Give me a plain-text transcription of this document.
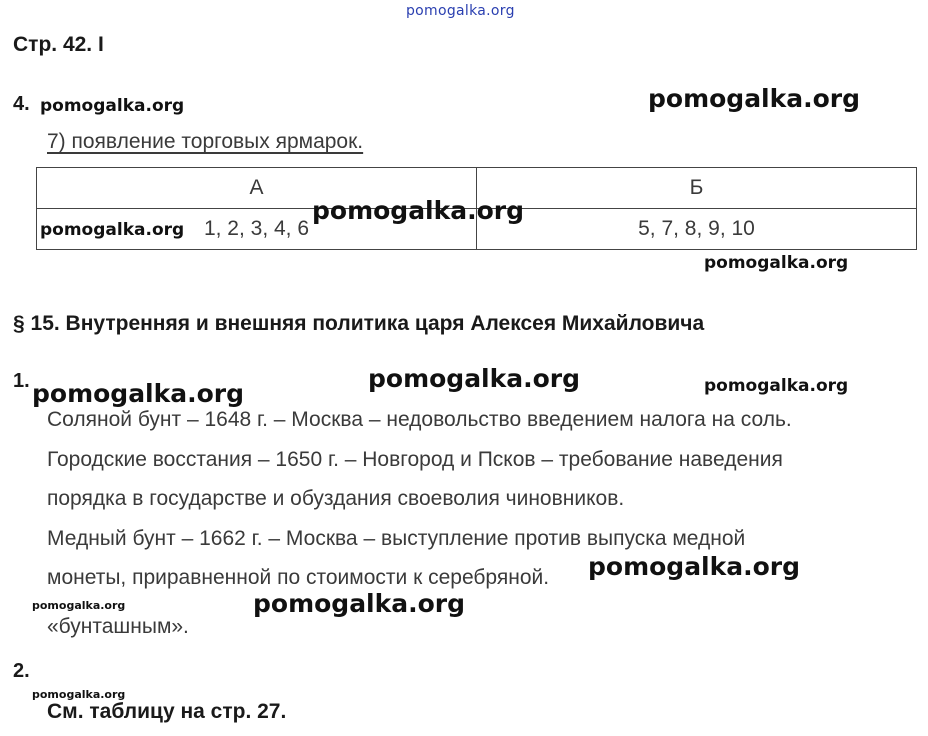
pomogalka.org
Стр. 42. I
4. pomogalka.org	pomogalka.org
7) появление торговых ярмарок.
А	Б
1, 2, 3, 4, 6	5, 7, 8, 9, 10
pomogalka.org
pomogalka.org
pomogalka.org
§ 15. Внутренняя и внешняя политика царя Алексея Михайловича
1. pomogalka.org
pomogalka.org	pomogalka.org
Соляной бунт – 1648 г. – Москва – недовольство введением налога на соль.
Городские восстания – 1650 г. – Новгород и Псков – требование наведения
порядка в государстве и обуздания своеволия чиновников.
Медный бунт – 1662 г. – Москва – выступление против выпуска медной
монеты, приравненной по стоимости к серебряной. pomogalka.org
pomogalka.org	pomogalka.org
«бунташным».
2.
pomogalka.org
См. таблицу на стр. 27.
